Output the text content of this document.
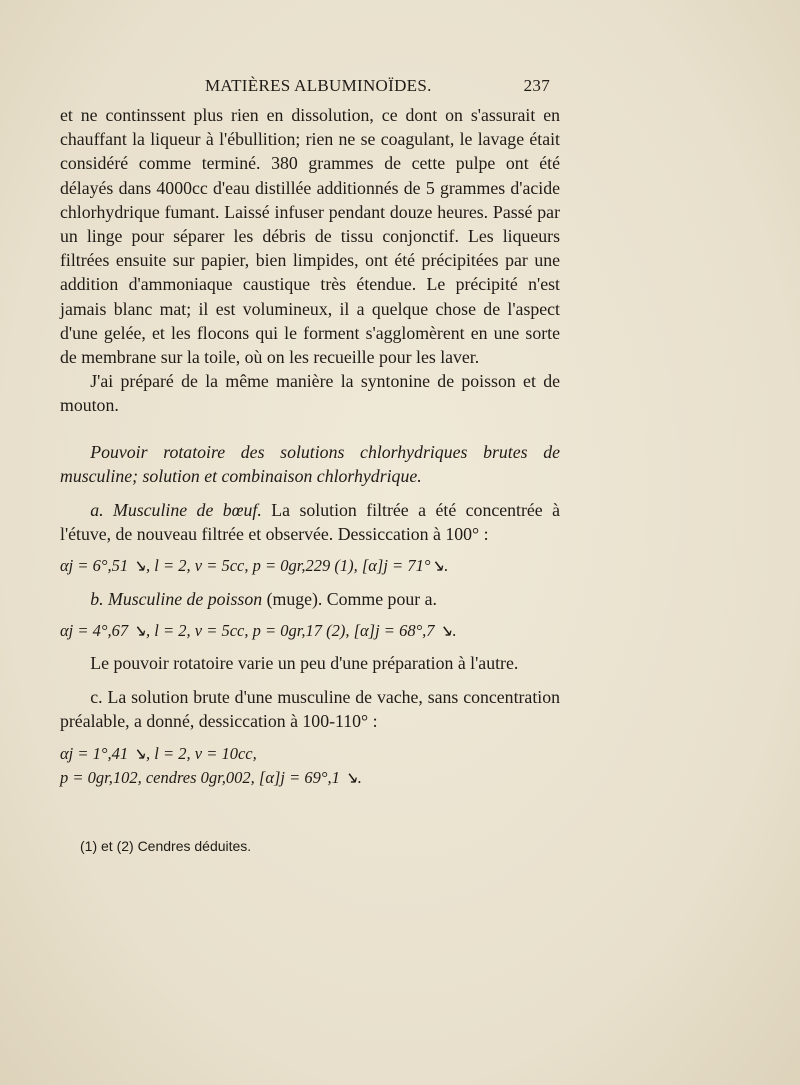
MATIÈRES ALBUMINOÏDES.	237

et ne continssent plus rien en dissolution, ce dont on s'assurait en chauffant la liqueur à l'ébullition; rien ne se coagulant, le lavage était considéré comme terminé. 380 grammes de cette pulpe ont été délayés dans 4000cc d'eau distillée additionnés de 5 grammes d'acide chlorhydrique fumant. Laissé infuser pendant douze heures. Passé par un linge pour séparer les débris de tissu conjonctif. Les liqueurs filtrées ensuite sur papier, bien limpides, ont été précipitées par une addition d'ammoniaque caustique très étendue. Le précipité n'est jamais blanc mat; il est volumineux, il a quelque chose de l'aspect d'une gelée, et les flocons qui le forment s'agglomèrent en une sorte de membrane sur la toile, où on les recueille pour les laver.

J'ai préparé de la même manière la syntonine de poisson et de mouton.

Pouvoir rotatoire des solutions chlorhydriques brutes de musculine; solution et combinaison chlorhydrique.

a. Musculine de bœuf. La solution filtrée a été concentrée à l'étuve, de nouveau filtrée et observée. Dessiccation à 100° :

αj = 6°,51 ↘, l = 2, v = 5cc, p = 0gr,229 (1), [α]j = 71°↘.

b. Musculine de poisson (muge). Comme pour a.

αj = 4°,67 ↘, l = 2, v = 5cc, p = 0gr,17 (2), [α]j = 68°,7 ↘.

Le pouvoir rotatoire varie un peu d'une préparation à l'autre.

c. La solution brute d'une musculine de vache, sans concentration préalable, a donné, dessiccation à 100-110° :

αj = 1°,41 ↘, l = 2, v = 10cc,

p = 0gr,102, cendres 0gr,002, [α]j = 69°,1 ↘.

(1) et (2) Cendres déduites.
